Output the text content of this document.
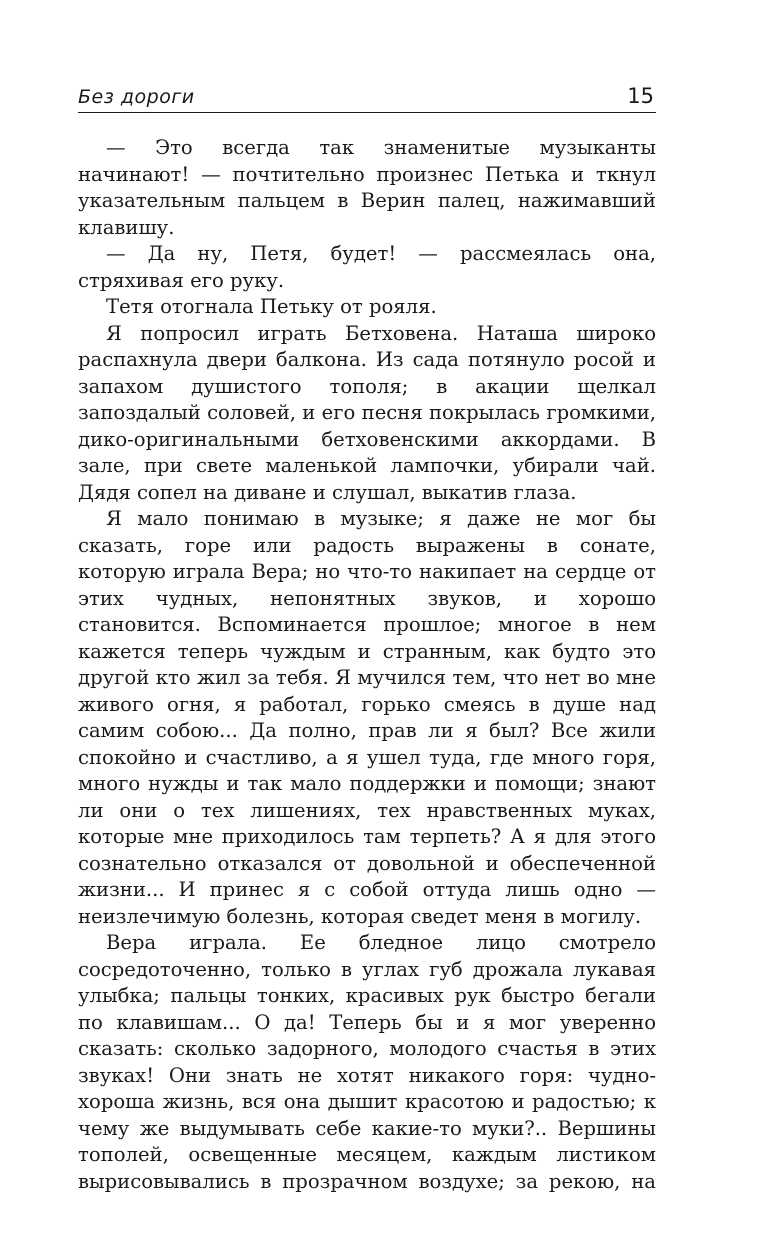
Без дороги	15

— Это всегда так знаменитые музыканты начинают! — почтительно произнес Петька и ткнул указательным пальцем в Верин палец, нажимавший клавишу.

— Да ну, Петя, будет! — рассмеялась она, стряхивая его руку.

Тетя отогнала Петьку от рояля.

Я попросил играть Бетховена. Наташа широко распахнула двери балкона. Из сада потянуло росой и запахом душистого тополя; в акации щелкал запоздалый соловей, и его песня покрылась громкими, дико-оригинальными бетховенскими аккордами. В зале, при свете маленькой лампочки, убирали чай. Дядя сопел на диване и слушал, выкатив глаза.

Я мало понимаю в музыке; я даже не мог бы сказать, горе или радость выражены в сонате, которую играла Вера; но что-то накипает на сердце от этих чудных, непонятных звуков, и хорошо становится. Вспоминается прошлое; многое в нем кажется теперь чуждым и странным, как будто это другой кто жил за тебя. Я мучился тем, что нет во мне живого огня, я работал, горько смеясь в душе над самим собою... Да полно, прав ли я был? Все жили спокойно и счастливо, а я ушел туда, где много горя, много нужды и так мало поддержки и помощи; знают ли они о тех лишениях, тех нравственных муках, которые мне приходилось там терпеть? А я для этого сознательно отказался от довольной и обеспеченной жизни... И принес я с собой оттуда лишь одно — неизлечимую болезнь, которая сведет меня в могилу.

Вера играла. Ее бледное лицо смотрело сосредоточенно, только в углах губ дрожала лукавая улыбка; пальцы тонких, красивых рук быстро бегали по клавишам... О да! Теперь бы и я мог уверенно сказать: сколько задорного, молодого счастья в этих звуках! Они знать не хотят никакого горя: чудно-хороша жизнь, вся она дышит красотою и радостью; к чему же выдумывать себе какие-то муки?.. Вершины тополей, освещенные месяцем, каждым листиком вырисовывались в прозрачном воздухе; за рекою, на
